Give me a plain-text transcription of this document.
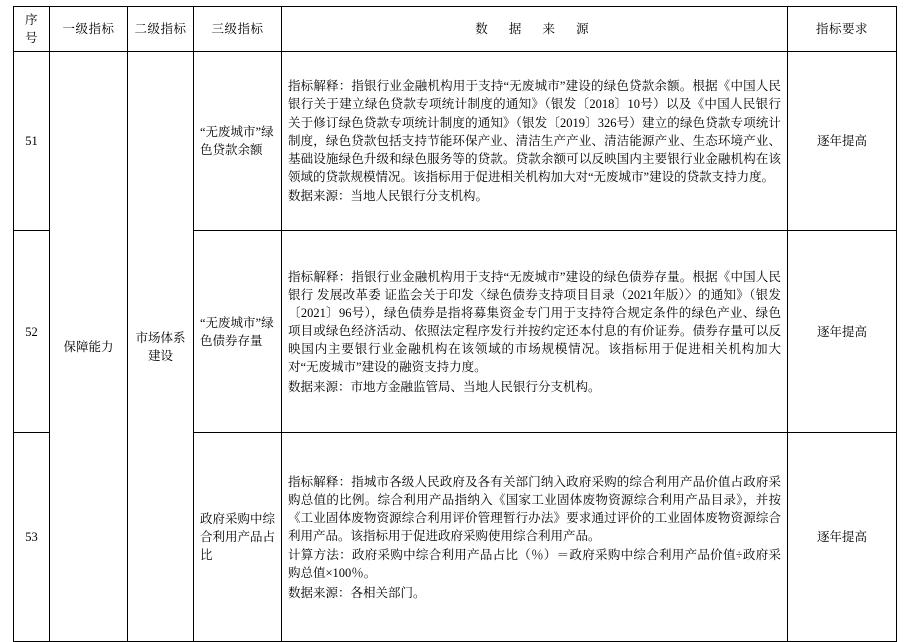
序号	一级指标	二级指标	三级指标	数 据 来 源	指标要求
51	保障能力	市场体系建设	“无废城市”绿色贷款余额	指标解释：指银行业金融机构用于支持“无废城市”建设的绿色贷款余额。根据《中国人民银行关于建立绿色贷款专项统计制度的通知》（银发〔2018〕10号）以及《中国人民银行关于修订绿色贷款专项统计制度的通知》（银发〔2019〕326号）建立的绿色贷款专项统计制度，绿色贷款包括支持节能环保产业、清洁生产产业、清洁能源产业、生态环境产业、基础设施绿色升级和绿色服务等的贷款。贷款余额可以反映国内主要银行业金融机构在该领域的贷款规模情况。该指标用于促进相关机构加大对“无废城市”建设的贷款支持力度。

数据来源：当地人民银行分支机构。	逐年提高
52			“无废城市”绿色债券存量	指标解释：指银行业金融机构用于支持“无废城市”建设的绿色债券存量。根据《中国人民银行 发展改革委 证监会关于印发〈绿色债券支持项目目录（2021年版）〉的通知》（银发〔2021〕96号），绿色债券是指将募集资金专门用于支持符合规定条件的绿色产业、绿色项目或绿色经济活动、依照法定程序发行并按约定还本付息的有价证券。债券存量可以反映国内主要银行业金融机构在该领域的市场规模情况。该指标用于促进相关机构加大对“无废城市”建设的融资支持力度。

数据来源：市地方金融监管局、当地人民银行分支机构。	逐年提高
53			政府采购中综合利用产品占比	指标解释：指城市各级人民政府及各有关部门纳入政府采购的综合利用产品价值占政府采购总值的比例。综合利用产品指纳入《国家工业固体废物资源综合利用产品目录》，并按《工业固体废物资源综合利用评价管理暂行办法》要求通过评价的工业固体废物资源综合利用产品。该指标用于促进政府采购使用综合利用产品。

计算方法：政府采购中综合利用产品占比（％）＝政府采购中综合利用产品价值÷政府采购总值×100％。

数据来源：各相关部门。	逐年提高
